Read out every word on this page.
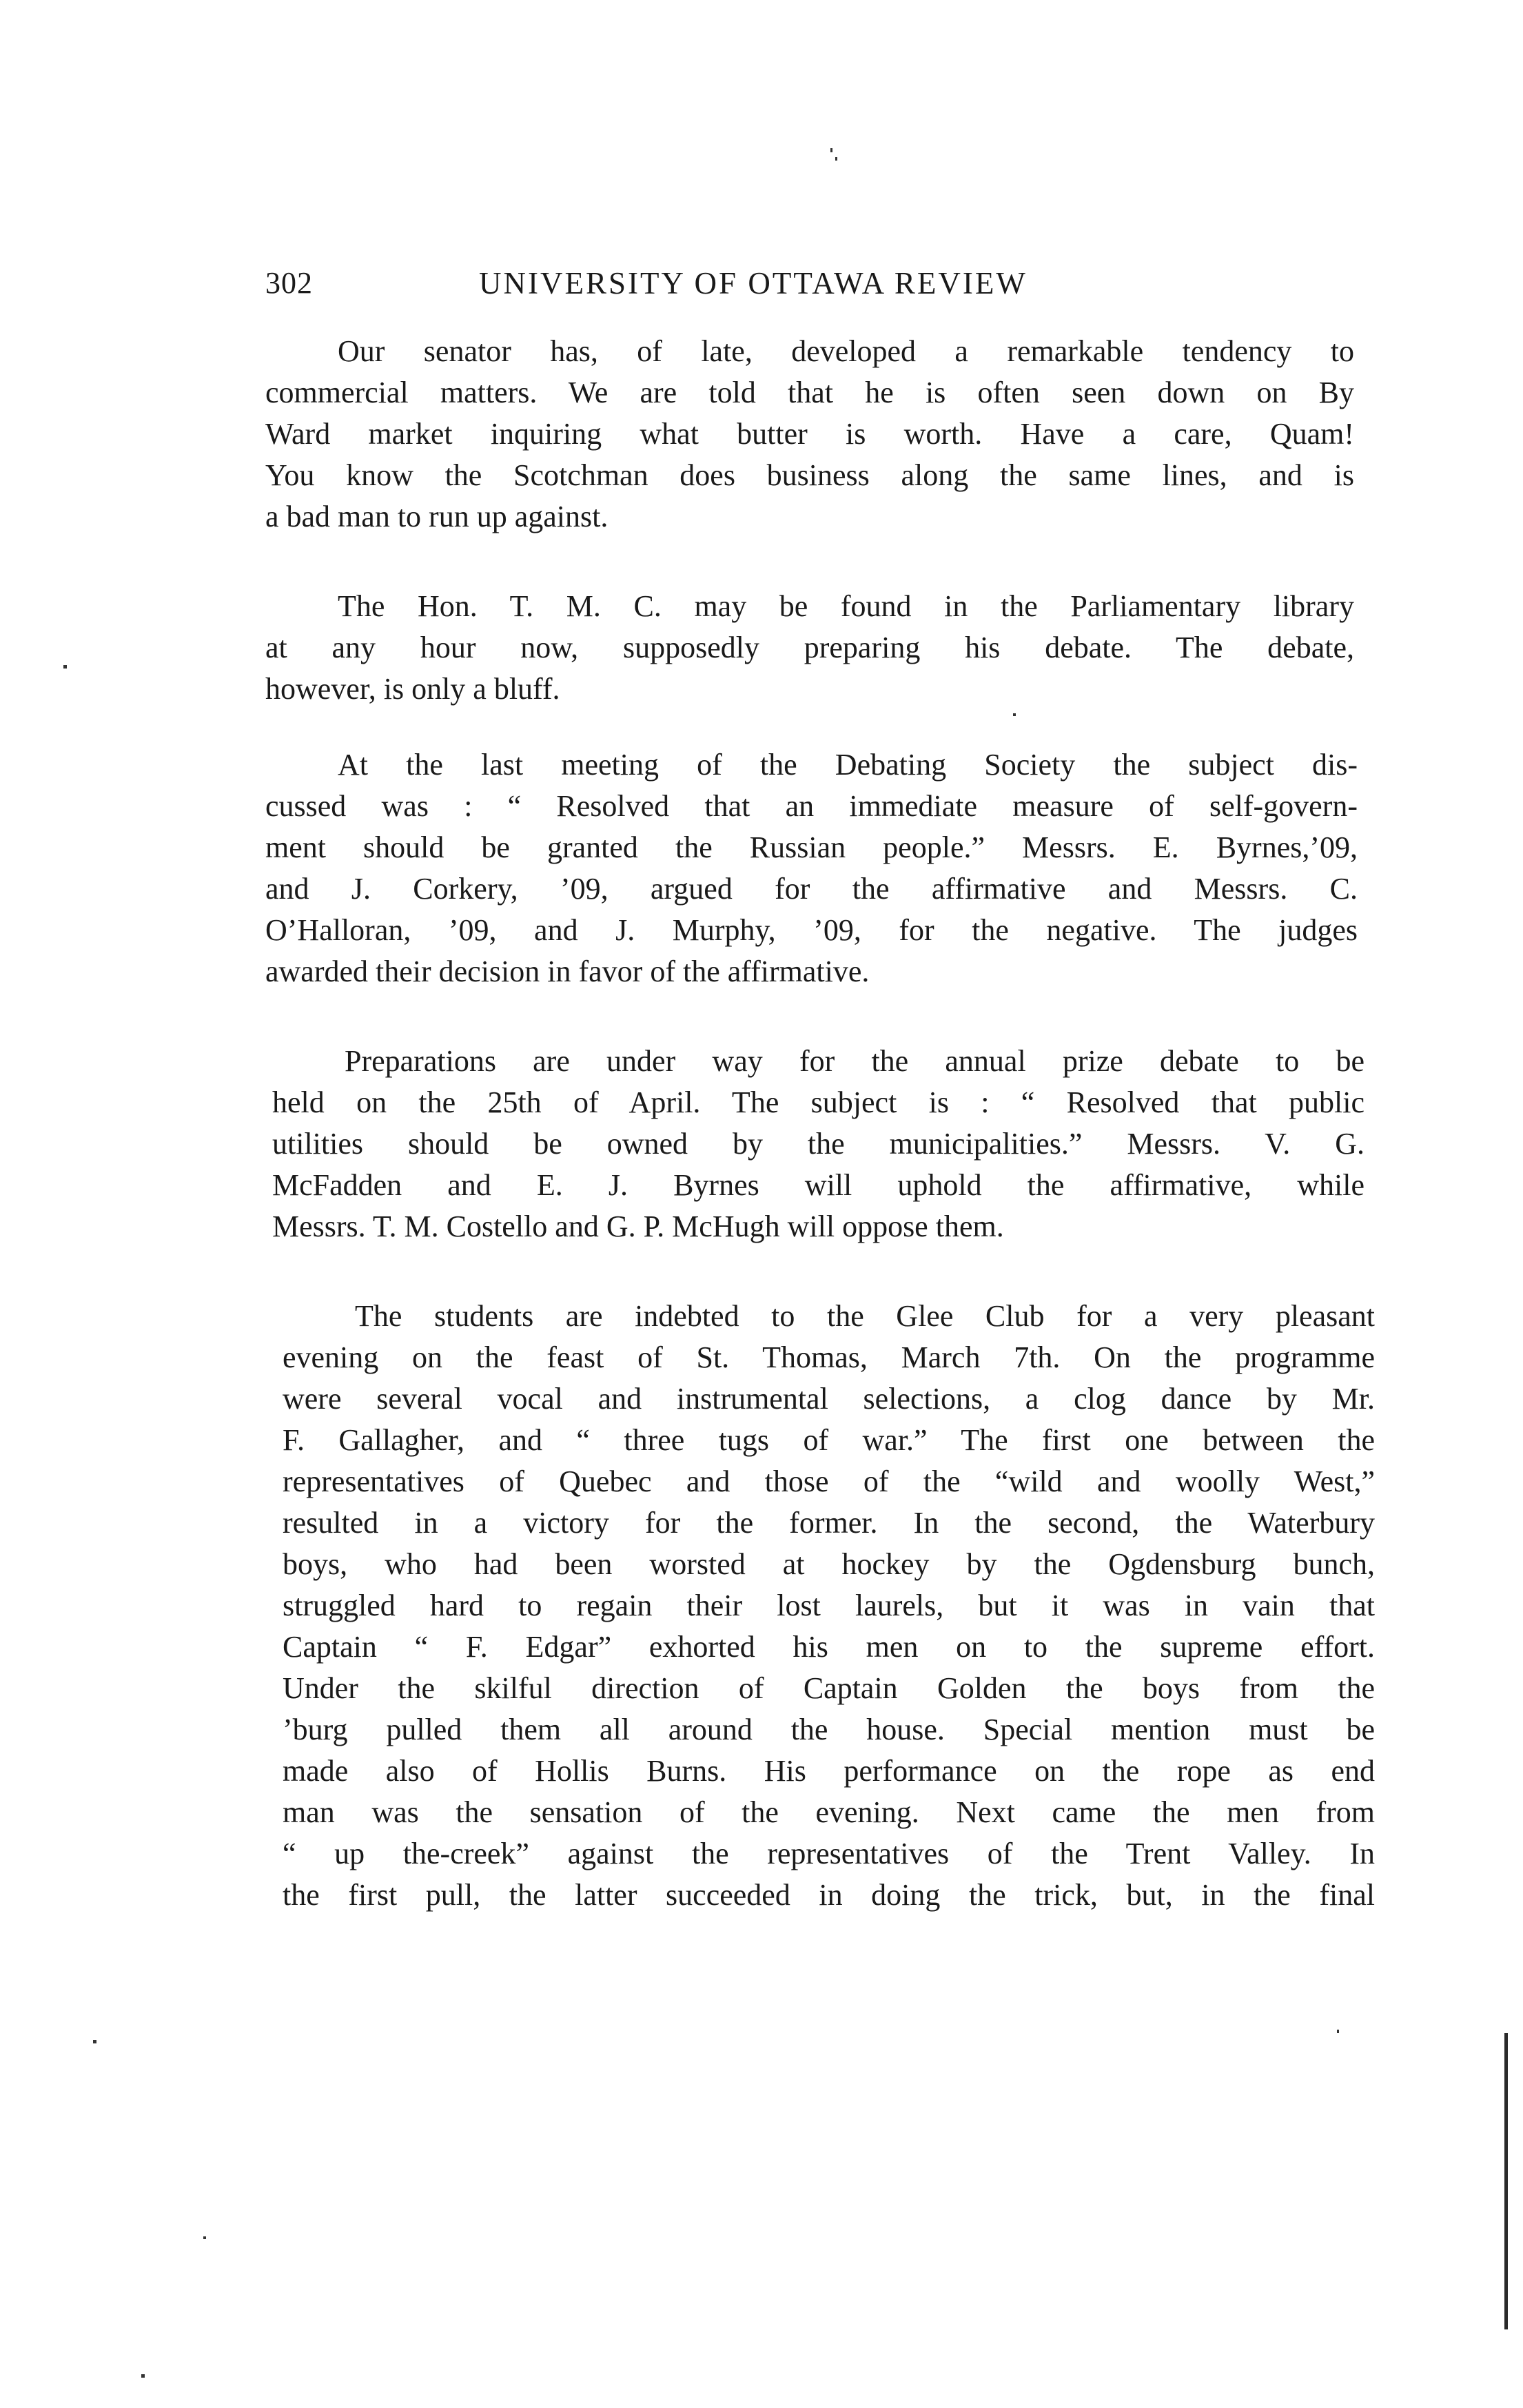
302	UNIVERSITY OF OTTAWA REVIEW
Our senator has, of late, developed a remarkable tendency to
commercial matters. We are told that he is often seen down on By
Ward market inquiring what butter is worth. Have a care, Quam!
You know the Scotchman does business along the same lines, and is
a bad man to run up against.
The Hon. T. M. C. may be found in the Parliamentary library
at any hour now, supposedly preparing his debate. The debate,
however, is only a bluff.
At the last meeting of the Debating Society the subject dis-
cussed was : “ Resolved that an immediate measure of self-govern-
ment should be granted the Russian people.” Messrs. E. Byrnes,’09,
and J. Corkery, ’09, argued for the affirmative and Messrs. C.
O’Halloran, ’09, and J. Murphy, ’09, for the negative. The judges
awarded their decision in favor of the affirmative.
Preparations are under way for the annual prize debate to be
held on the 25th of April. The subject is : “ Resolved that public
utilities should be owned by the municipalities.” Messrs. V. G.
McFadden and E. J. Byrnes will uphold the affirmative, while
Messrs. T. M. Costello and G. P. McHugh will oppose them.
The students are indebted to the Glee Club for a very pleasant
evening on the feast of St. Thomas, March 7th. On the programme
were several vocal and instrumental selections, a clog dance by Mr.
F. Gallagher, and “ three tugs of war.” The first one between the
representatives of Quebec and those of the “wild and woolly West,”
resulted in a victory for the former. In the second, the Waterbury
boys, who had been worsted at hockey by the Ogdensburg bunch,
struggled hard to regain their lost laurels, but it was in vain that
Captain “ F. Edgar” exhorted his men on to the supreme effort.
Under the skilful direction of Captain Golden the boys from the
’burg pulled them all around the house. Special mention must be
made also of Hollis Burns. His performance on the rope as end
man was the sensation of the evening. Next came the men from
“ up the-creek” against the representatives of the Trent Valley. In
the first pull, the latter succeeded in doing the trick, but, in the final
